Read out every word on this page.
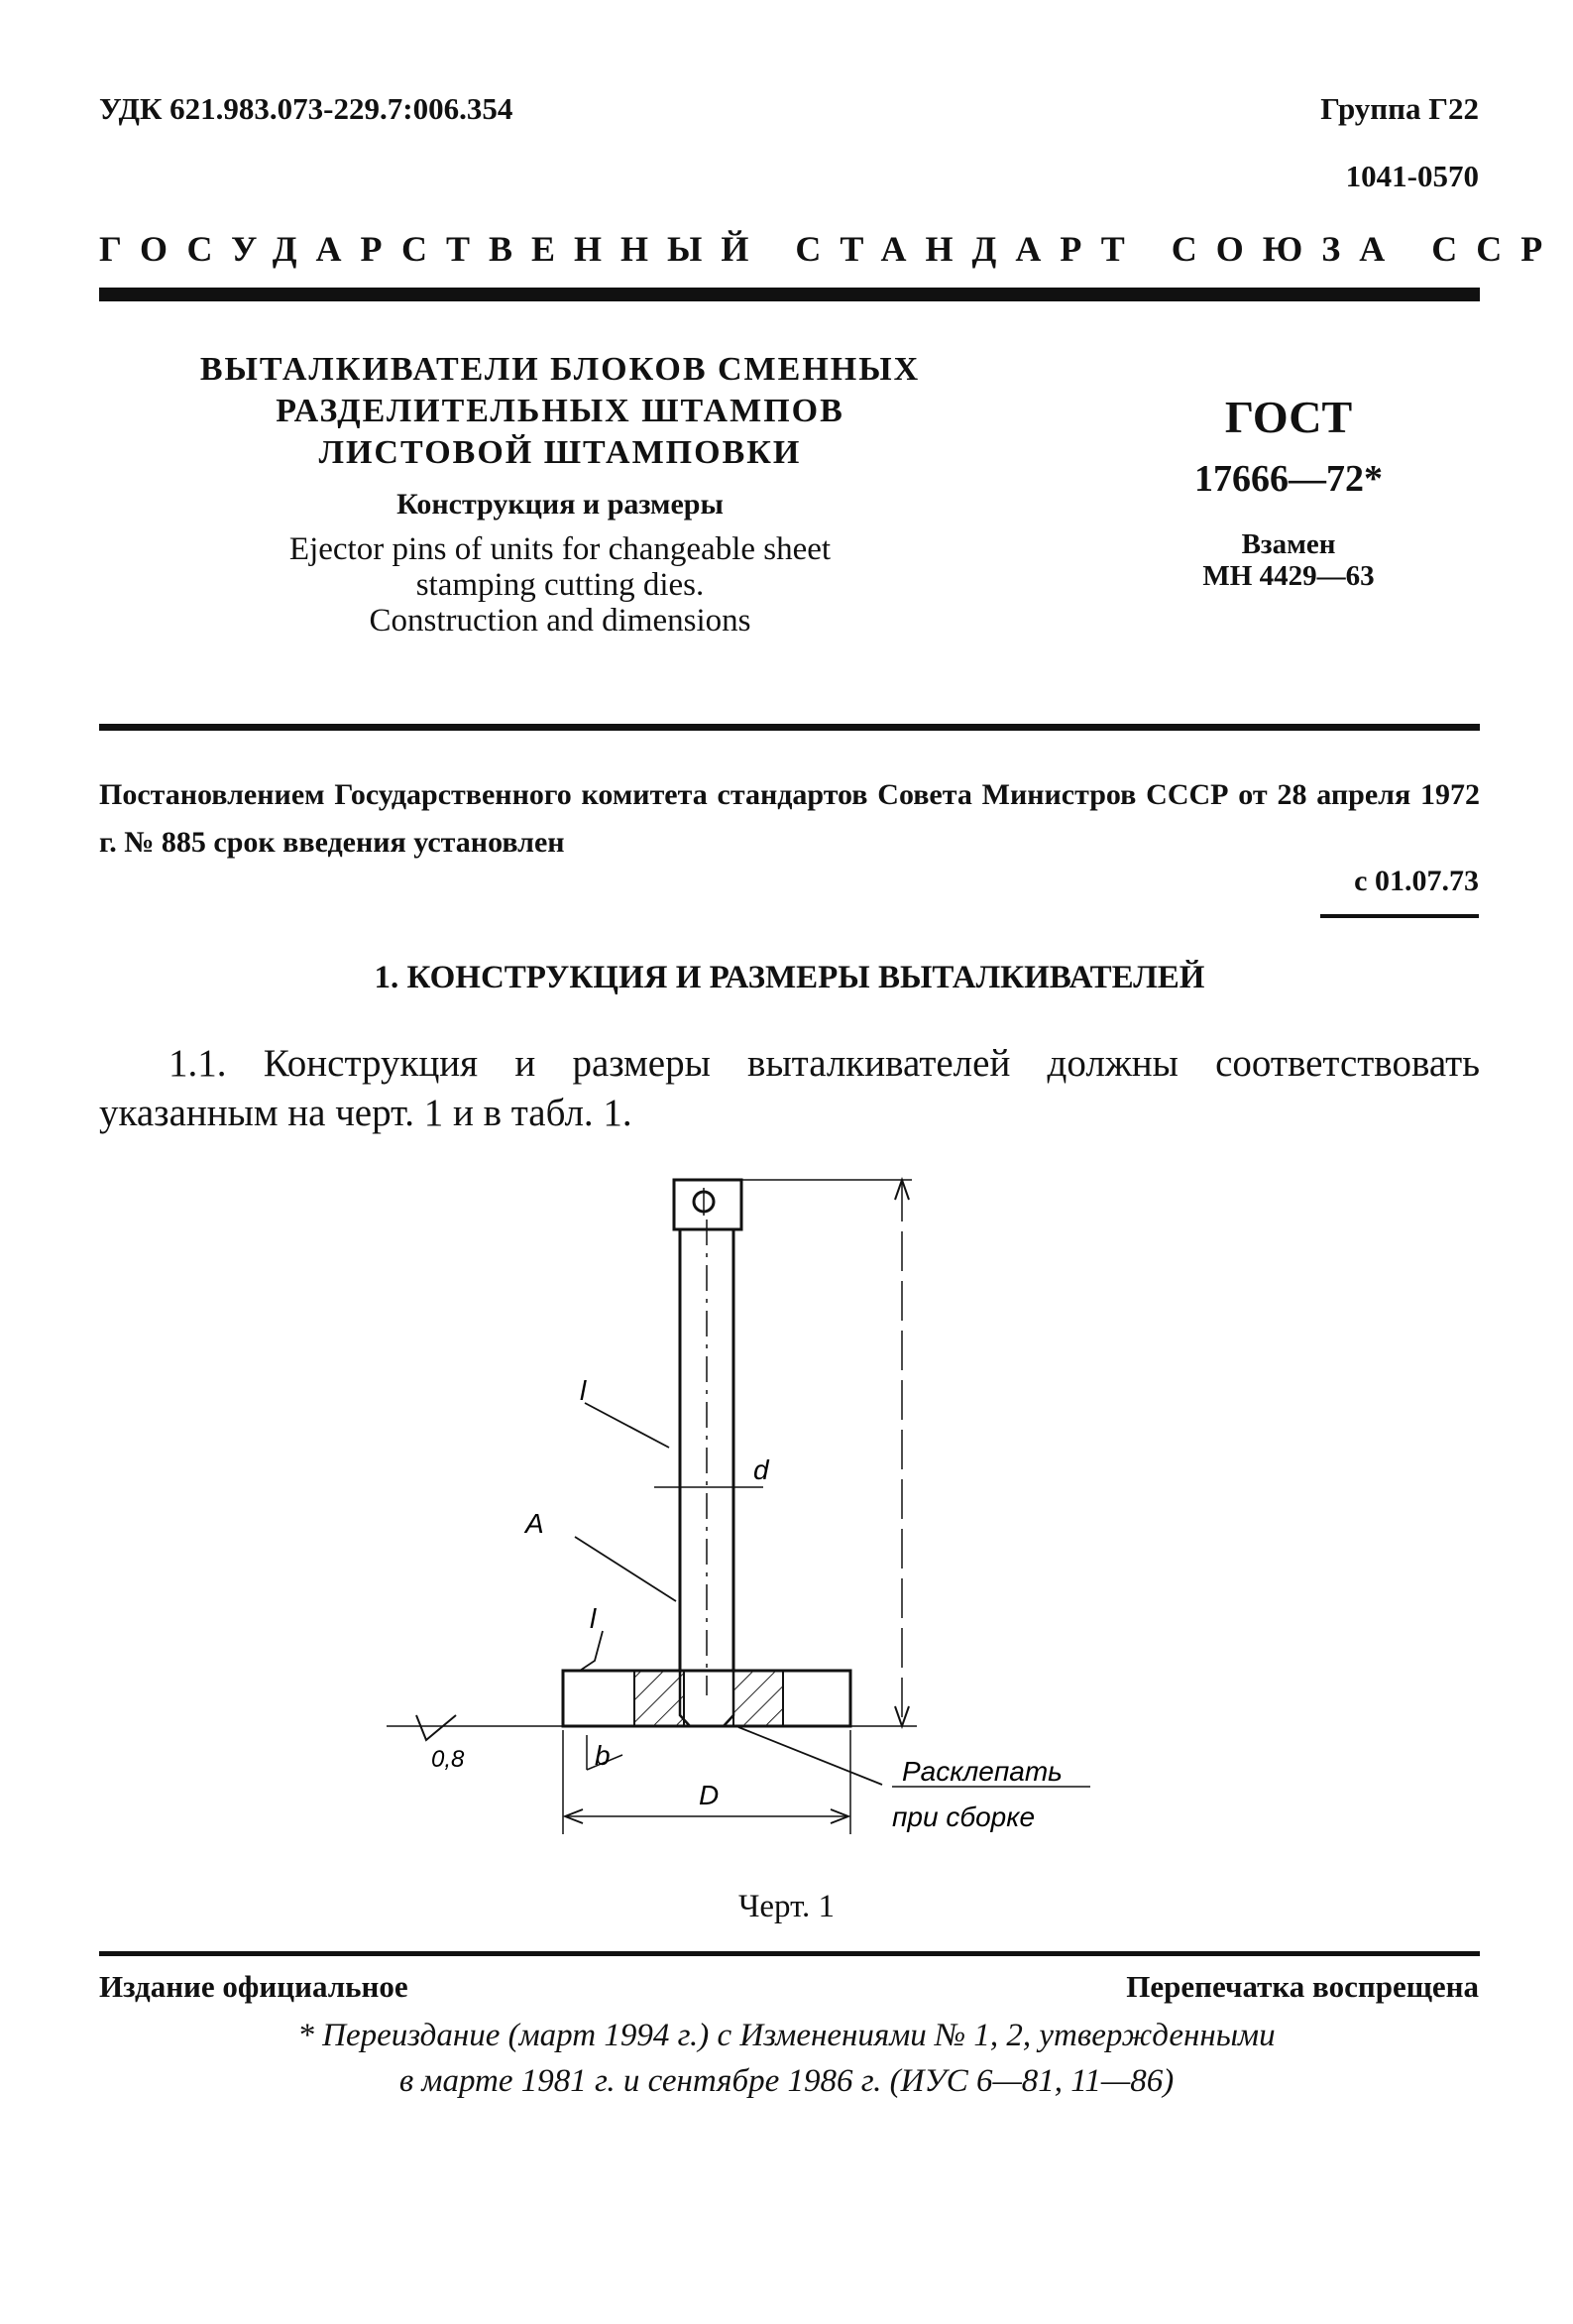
УДК 621.983.073-229.7:006.354	Группа Г22
1041-0570
ГОСУДАРСТВЕННЫЙ СТАНДАРТ СОЮЗА ССР
ВЫТАЛКИВАТЕЛИ БЛОКОВ СМЕННЫХ
РАЗДЕЛИТЕЛЬНЫХ ШТАМПОВ
ЛИСТОВОЙ ШТАМПОВКИ
Конструкция и размеры
Ejector pins of units for changeable sheet
stamping cutting dies.
Construction and dimensions
ГОСТ
17666—72*
Взамен
МН 4429—63
Постановлением Государственного комитета стандартов Совета Министров СССР от 28 апреля 1972 г. № 885 срок введения установлен
с 01.07.73
1. КОНСТРУКЦИЯ И РАЗМЕРЫ ВЫТАЛКИВАТЕЛЕЙ
1.1. Конструкция и размеры выталкивателей должны соответствовать указанным на черт. 1 и в табл. 1.
l
d
A
l
0,8	b
D
Расклепать
при сборке
Черт. 1
Издание официальное	Перепечатка воспрещена
* Переиздание (март 1994 г.) с Изменениями № 1, 2, утвержденными
в марте 1981 г. и сентябре 1986 г. (ИУС 6—81, 11—86)
